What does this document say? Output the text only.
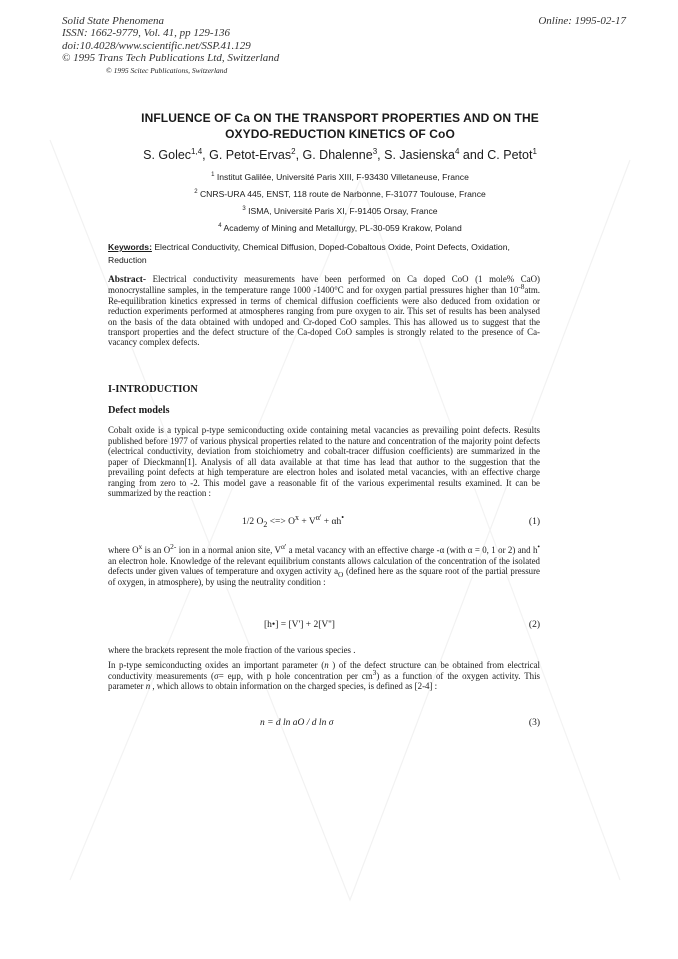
Solid State Phenomena
ISSN: 1662-9779, Vol. 41, pp 129-136
doi:10.4028/www.scientific.net/SSP.41.129
© 1995 Trans Tech Publications Ltd, Switzerland
Online: 1995-02-17
© 1995 Scitec Publications, Switzerland
INFLUENCE OF Ca ON THE TRANSPORT PROPERTIES AND ON THE
OXYDO-REDUCTION KINETICS OF CoO
S. Golec$^{1,4}$, G. Petot-Ervas$^2$, G. Dhalenne$^3$, S. Jasienska$^4$ and C. Petot$^1$
$^1$ Institut Galilée, Université Paris XIII, F-93430 Villetaneuse, France
$^2$ CNRS-URA 445, ENST, 118 route de Narbonne, F-31077 Toulouse, France
$^3$ ISMA, Université Paris XI, F-91405 Orsay, France
$^4$ Academy of Mining and Metallurgy, PL-30-059 Krakow, Poland
Keywords: Electrical Conductivity, Chemical Diffusion, Doped-Cobaltous Oxide, Point Defects, Oxidation, Reduction
Abstract- Electrical conductivity measurements have been performed on Ca doped CoO (1 mole% CaO) monocrystalline samples, in the temperature range 1000 -1400°C and for oxygen partial pressures higher than $10^{-8}atm$. Re-equilibration kinetics expressed in terms of chemical diffusion coefficients were also deduced from oxidation or reduction experiments performed at atmospheres ranging from pure oxygen to air. This set of results has been analysed on the basis of the data obtained with undoped and Cr-doped CoO samples. This has allowed us to suggest that the transport properties and the defect structure of the Ca-doped CoO samples is strongly related to the presence of Ca-vacancy complex defects.
I-INTRODUCTION
Defect models
Cobalt oxide is a typical p-type semiconducting oxide containing metal vacancies as prevailing point defects. Results published before 1977 of various physical properties related to the nature and concentration of the majority point defects (electrical conductivity, deviation from stoichiometry and cobalt-tracer diffusion coefficients) are summarized in the paper of Dieckmann[1]. Analysis of all data available at that time has lead that author to the suggestion that the prevailing point defects at high temperature are electron holes and isolated metal vacancies, with an effective charge ranging from zero to -2. This model gave a reasonable fit of the various experimental results examined. It can be summarized by the reaction :
1/2 $O_2$ <=> $O^x + V^{\alpha'} + \alpha h^•$	(1)
where $O^x$ is an $O^{2-}$ ion in a normal anion site, $V^{\alpha'}$ a metal vacancy with an effective charge -α (with α = 0, 1 or 2) and h• an electron hole. Knowledge of the relevant equilibrium constants allows calculation of the concentration of the isolated defects under given values of temperature and oxygen activity $a_O$ (defined here as the square root of the partial pressure of oxygen, in atmosphere), by using the neutrality condition :
[h•] = [V'] + 2[V'']	(2)
where the brackets represent the mole fraction of the various species .
In p-type semiconducting oxides an important parameter (n ) of the defect structure can be obtained from electrical conductivity measurements (σ= eμp, with p hole concentration per $cm^3$) as a function of the oxygen activity. This parameter n , which allows to obtain information on the charged species, is defined as [2-4] :
n = d ln aO / d ln σ	(3)
